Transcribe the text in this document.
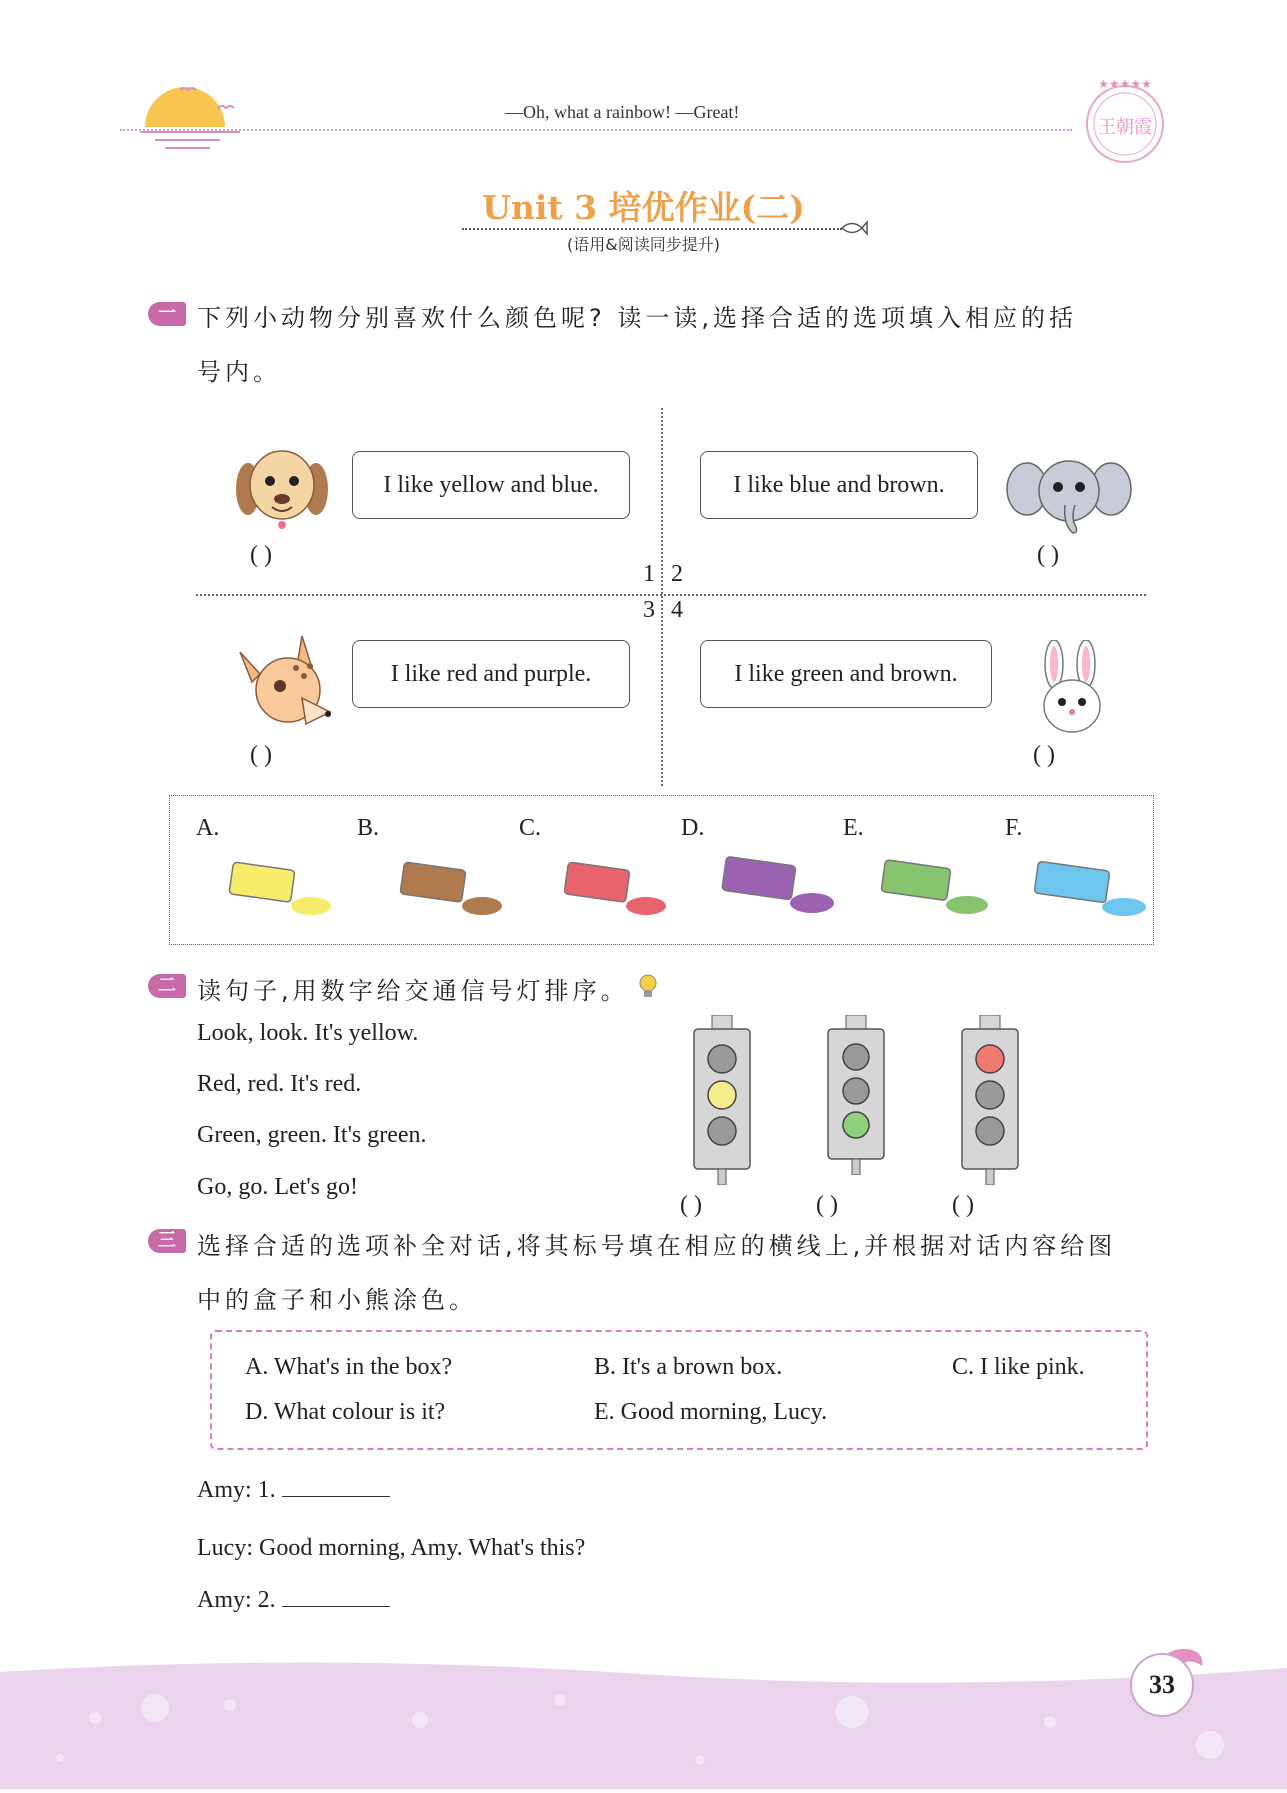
—Oh, what a rainbow! —Great!
★★★★★
王朝霞
Unit 3 培优作业(二)
(语用&阅读同步提升)
一 下列小动物分别喜欢什么颜色呢? 读一读,选择合适的选项填入相应的括
号内。
I like yellow and blue.
( )
I like blue and brown.
( )
1 2
3 4
I like red and purple.
( )
I like green and brown.
( )
A.	B.	C.	D.	E.	F.
二 读句子,用数字给交通信号灯排序。
Look, look. It's yellow.
Red, red. It's red.
Green, green. It's green.
Go, go. Let's go!
( )	( )	( )
三 选择合适的选项补全对话,将其标号填在相应的横线上,并根据对话内容给图
中的盒子和小熊涂色。
A. What's in the box?	B. It's a brown box.	C. I like pink.
D. What colour is it?	E. Good morning, Lucy.
Amy: 1.
Lucy: Good morning, Amy. What's this?
Amy: 2.
33
